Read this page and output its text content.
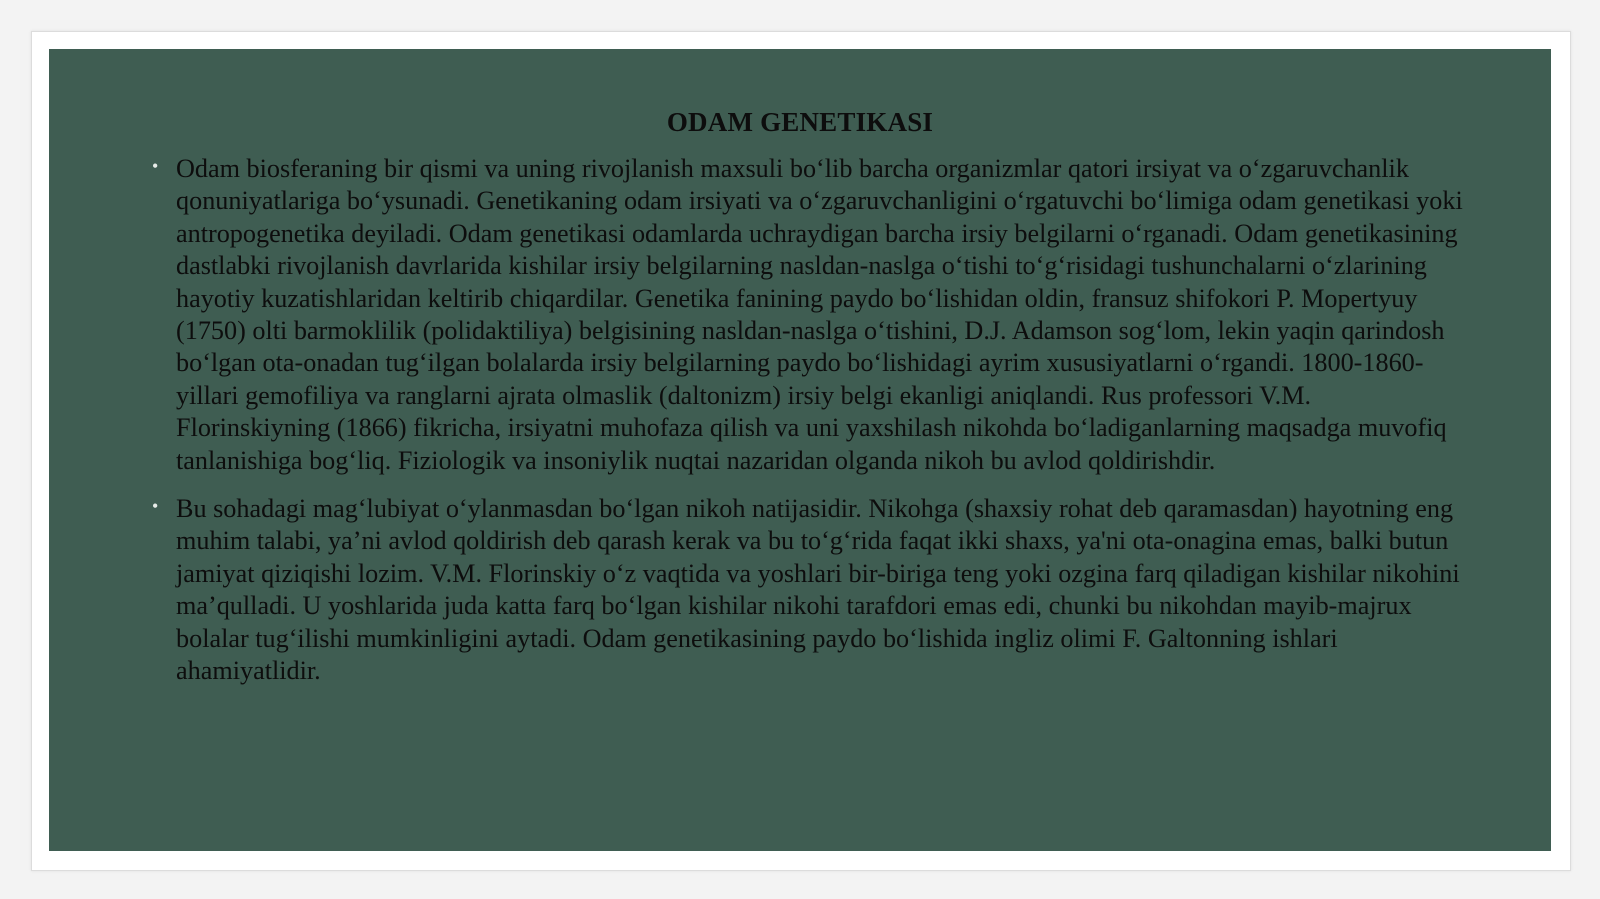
ODAM GENETIKASI
• Odam biosferaning bir qismi va uning rivojlanish maxsuli boʻlib barcha organizmlar qatori irsiyat va oʻzgaruvchanlik qonuniyatlariga boʻysunadi. Genetikaning odam irsiyati va oʻzgaruvchanligini oʻrgatuvchi boʻlimiga odam genetikasi yoki antropogenetika deyiladi. Odam genetikasi odamlarda uchraydigan barcha irsiy belgilarni oʻrganadi. Odam genetikasining dastlabki rivojlanish davrlarida kishilar irsiy belgilarning nasldan-naslga oʻtishi toʻgʻrisidagi tushunchalarni oʻzlarining hayotiy kuzatishlaridan keltirib chiqardilar. Genetika fanining paydo boʻlishidan oldin, fransuz shifokori P. Mopertyuy (1750) olti barmoklilik (polidaktiliya) belgisining nasldan-naslga oʻtishini, D.J. Adamson sogʻlom, lekin yaqin qarindosh boʻlgan ota-onadan tugʻilgan bolalarda irsiy belgilarning paydo boʻlishidagi ayrim xususiyatlarni oʻrgandi. 1800-1860-yillari gemofiliya va ranglarni ajrata olmaslik (daltonizm) irsiy belgi ekanligi aniqlandi. Rus professori V.M. Florinskiyning (1866) fikricha, irsiyatni muhofaza qilish va uni yaxshilash nikohda boʻladiganlarning maqsadga muvofiq tanlanishiga bogʻliq. Fiziologik va insoniylik nuqtai nazaridan olganda nikoh bu avlod qoldirishdir.
• Bu sohadagi magʻlubiyat oʻylanmasdan boʻlgan nikoh natijasidir. Nikohga (shaxsiy rohat deb qaramasdan) hayotning eng muhim talabi, ya’ni avlod qoldirish deb qarash kerak va bu toʻgʻrida faqat ikki shaxs, ya'ni ota-onagina emas, balki butun jamiyat qiziqishi lozim. V.M. Florinskiy oʻz vaqtida va yoshlari bir-biriga teng yoki ozgina farq qiladigan kishilar nikohini ma’qulladi. U yoshlarida juda katta farq boʻlgan kishilar nikohi tarafdori emas edi, chunki bu nikohdan mayib-majrux bolalar tugʻilishi mumkinligini aytadi. Odam genetikasining paydo boʻlishida ingliz olimi F. Galtonning ishlari ahamiyatlidir.
